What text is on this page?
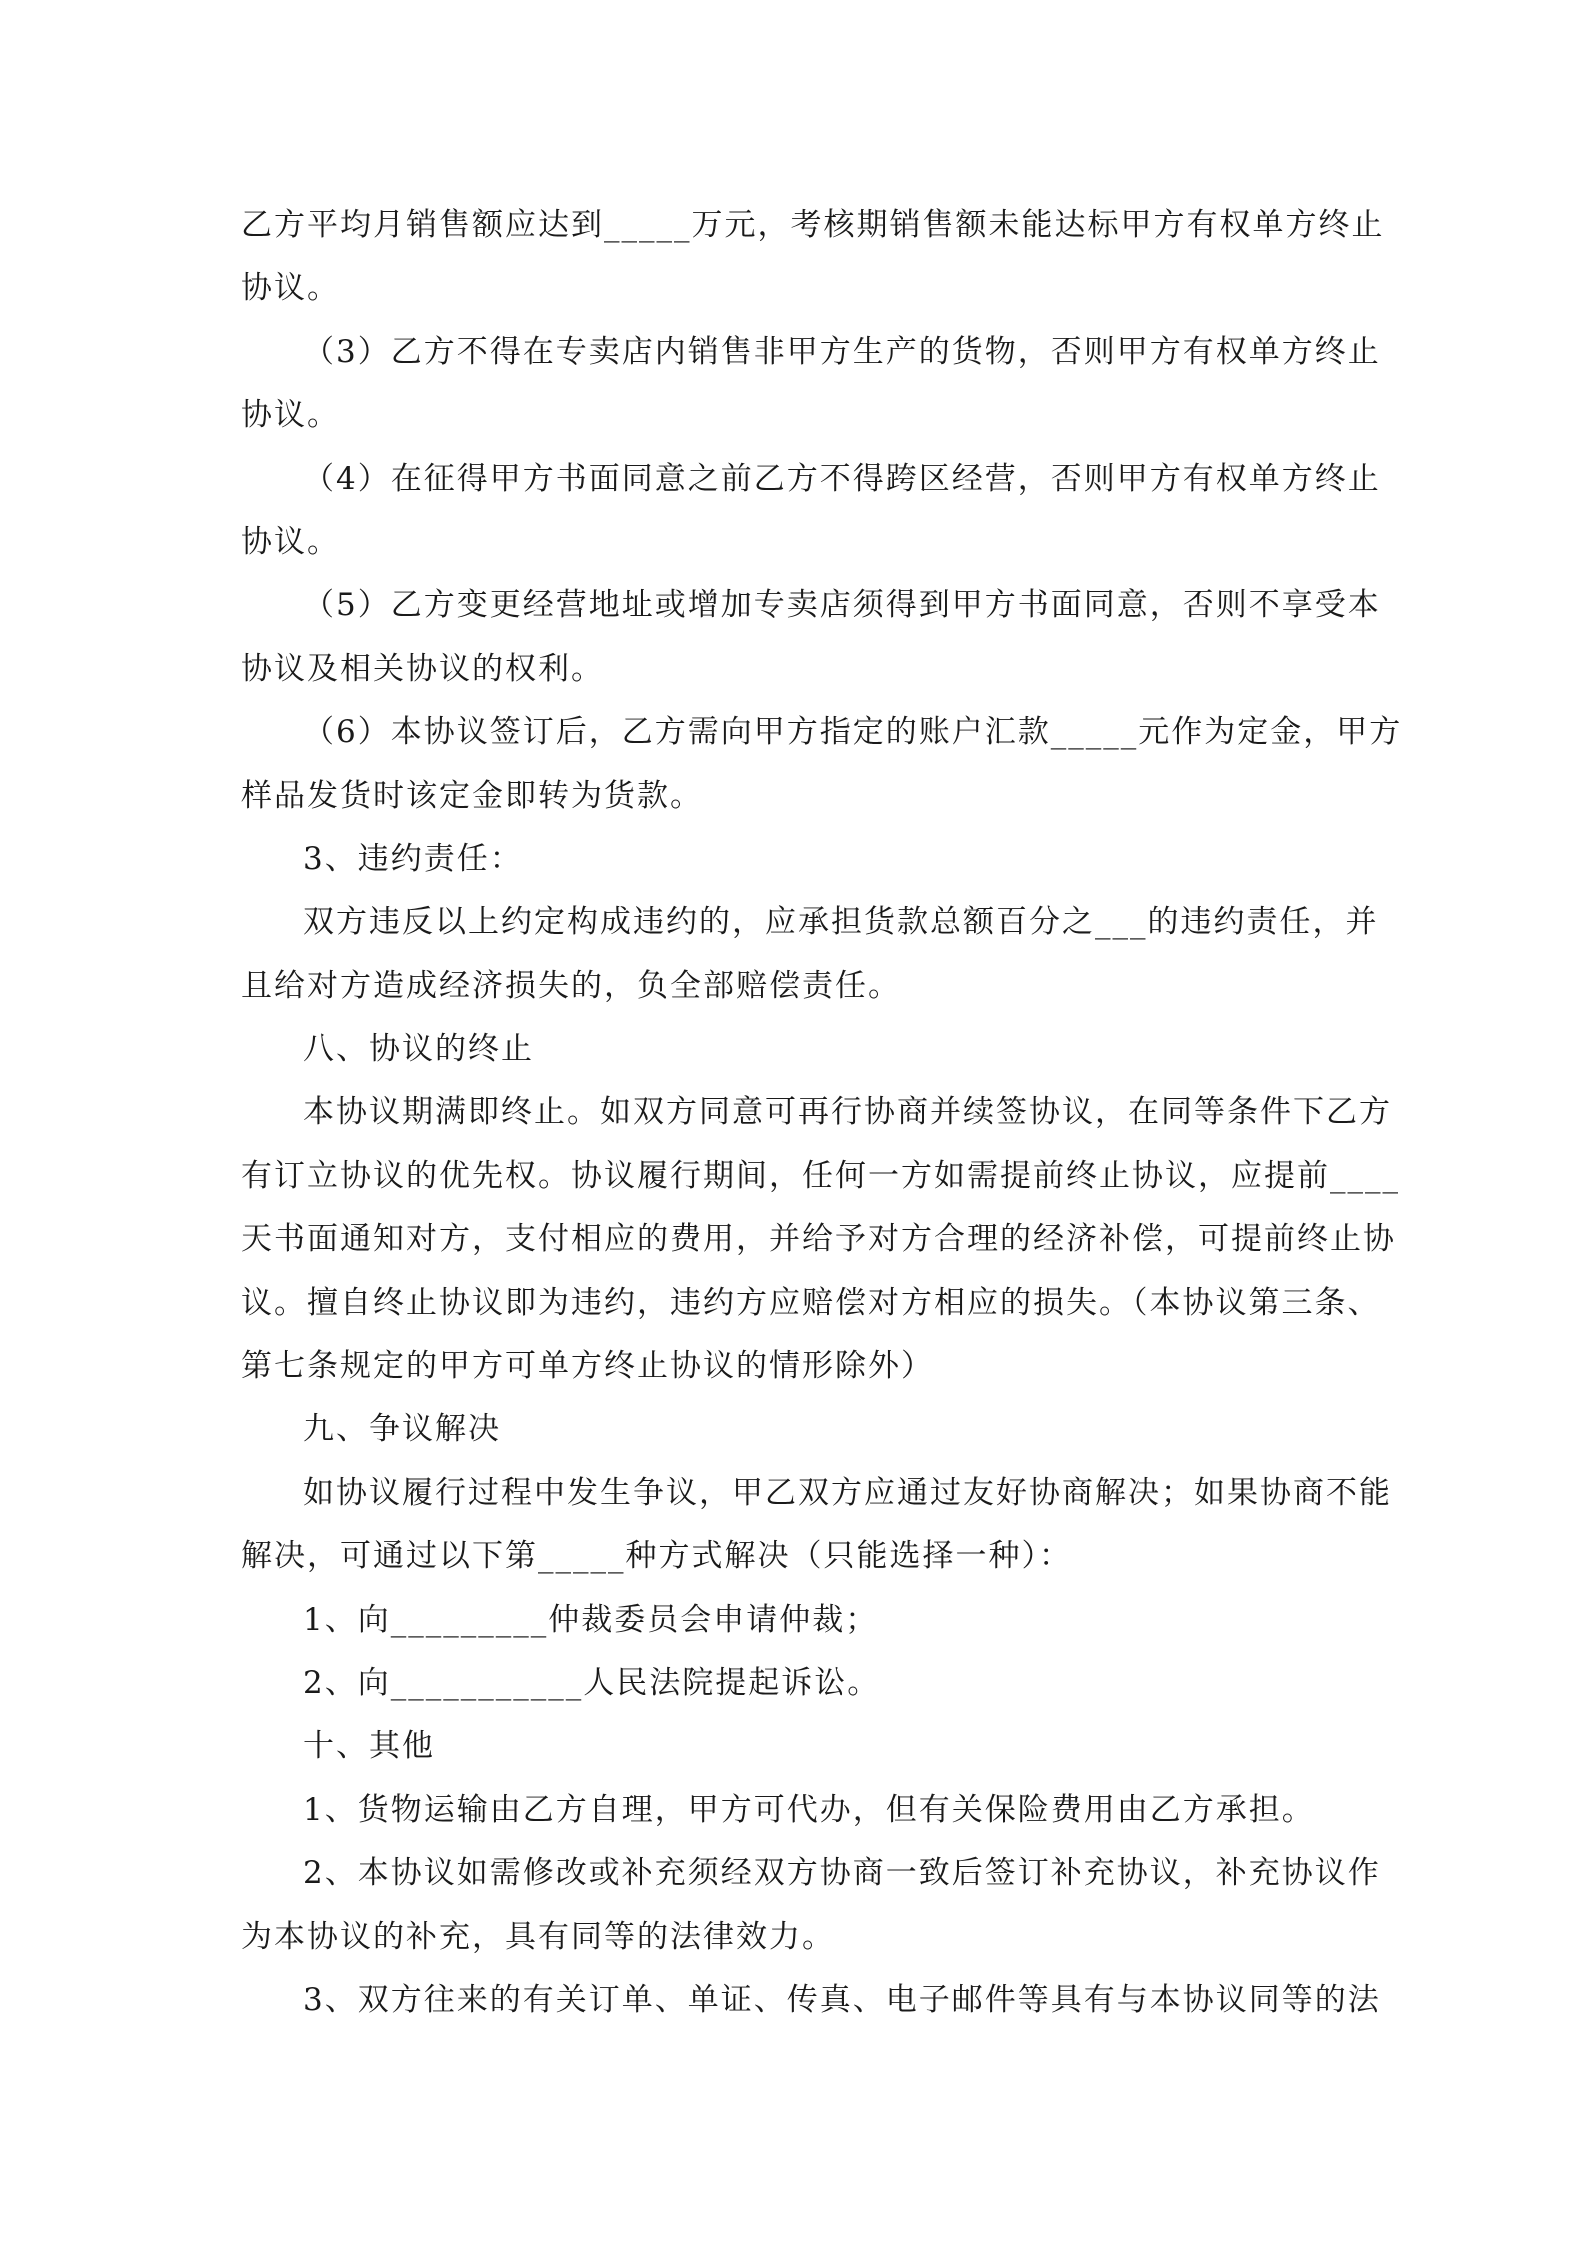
乙方平均月销售额应达到_____万元，考核期销售额未能达标甲方有权单方终止
协议。
（3）乙方不得在专卖店内销售非甲方生产的货物，否则甲方有权单方终止
协议。
（4）在征得甲方书面同意之前乙方不得跨区经营，否则甲方有权单方终止
协议。
（5）乙方变更经营地址或增加专卖店须得到甲方书面同意，否则不享受本
协议及相关协议的权利。
（6）本协议签订后，乙方需向甲方指定的账户汇款_____元作为定金，甲方
样品发货时该定金即转为货款。
3、违约责任：
双方违反以上约定构成违约的，应承担货款总额百分之___的违约责任，并
且给对方造成经济损失的，负全部赔偿责任。
八、协议的终止
本协议期满即终止。如双方同意可再行协商并续签协议，在同等条件下乙方
有订立协议的优先权。协议履行期间，任何一方如需提前终止协议，应提前____
天书面通知对方，支付相应的费用，并给予对方合理的经济补偿，可提前终止协
议。擅自终止协议即为违约，违约方应赔偿对方相应的损失。（本协议第三条、
第七条规定的甲方可单方终止协议的情形除外）
九、争议解决
如协议履行过程中发生争议，甲乙双方应通过友好协商解决；如果协商不能
解决，可通过以下第_____种方式解决（只能选择一种）：
1、向_________仲裁委员会申请仲裁；
2、向___________人民法院提起诉讼。
十、其他
1、货物运输由乙方自理，甲方可代办，但有关保险费用由乙方承担。
2、本协议如需修改或补充须经双方协商一致后签订补充协议，补充协议作
为本协议的补充，具有同等的法律效力。
3、双方往来的有关订单、单证、传真、电子邮件等具有与本协议同等的法
